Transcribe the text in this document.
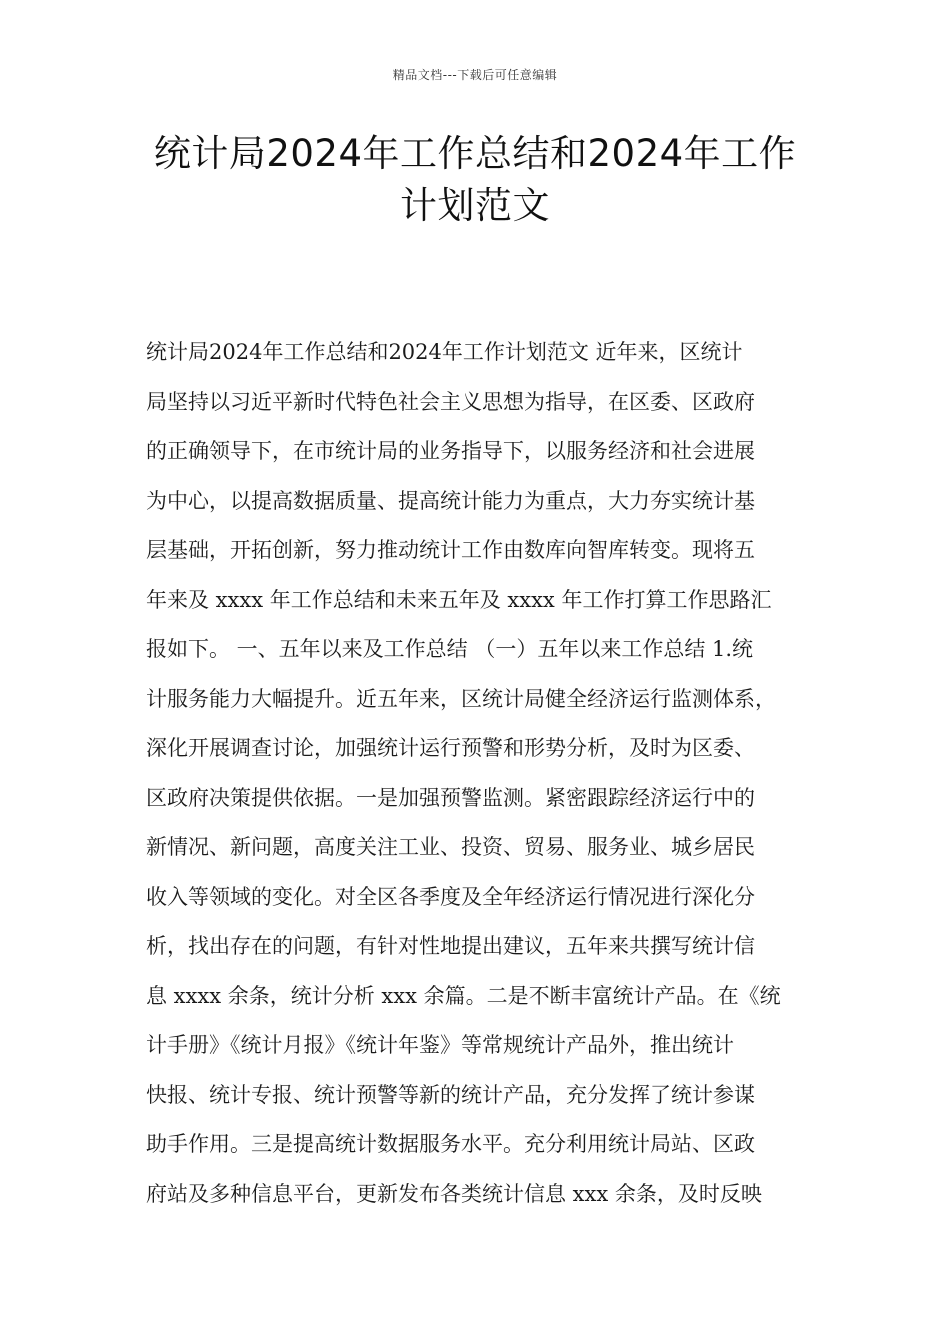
精品文档---下载后可任意编辑
统计局2024年工作总结和2024年工作
计划范文
统计局2024年工作总结和2024年工作计划范文 近年来，区统计
局坚持以习近平新时代特色社会主义思想为指导，在区委、区政府
的正确领导下，在市统计局的业务指导下，以服务经济和社会进展
为中心，以提高数据质量、提高统计能力为重点，大力夯实统计基
层基础，开拓创新，努力推动统计工作由数库向智库转变。现将五
年来及 xxxx 年工作总结和未来五年及 xxxx 年工作打算工作思路汇
报如下。 一、五年以来及工作总结 （一）五年以来工作总结 1.统
计服务能力大幅提升。近五年来，区统计局健全经济运行监测体系，
深化开展调查讨论，加强统计运行预警和形势分析，及时为区委、
区政府决策提供依据。一是加强预警监测。紧密跟踪经济运行中的
新情况、新问题，高度关注工业、投资、贸易、服务业、城乡居民
收入等领域的变化。对全区各季度及全年经济运行情况进行深化分
析，找出存在的问题，有针对性地提出建议，五年来共撰写统计信
息 xxxx 余条，统计分析 xxx 余篇。二是不断丰富统计产品。在《统
计手册》《统计月报》《统计年鉴》等常规统计产品外，推出统计
快报、统计专报、统计预警等新的统计产品，充分发挥了统计参谋
助手作用。三是提高统计数据服务水平。充分利用统计局站、区政
府站及多种信息平台，更新发布各类统计信息 xxx 余条，及时反映
